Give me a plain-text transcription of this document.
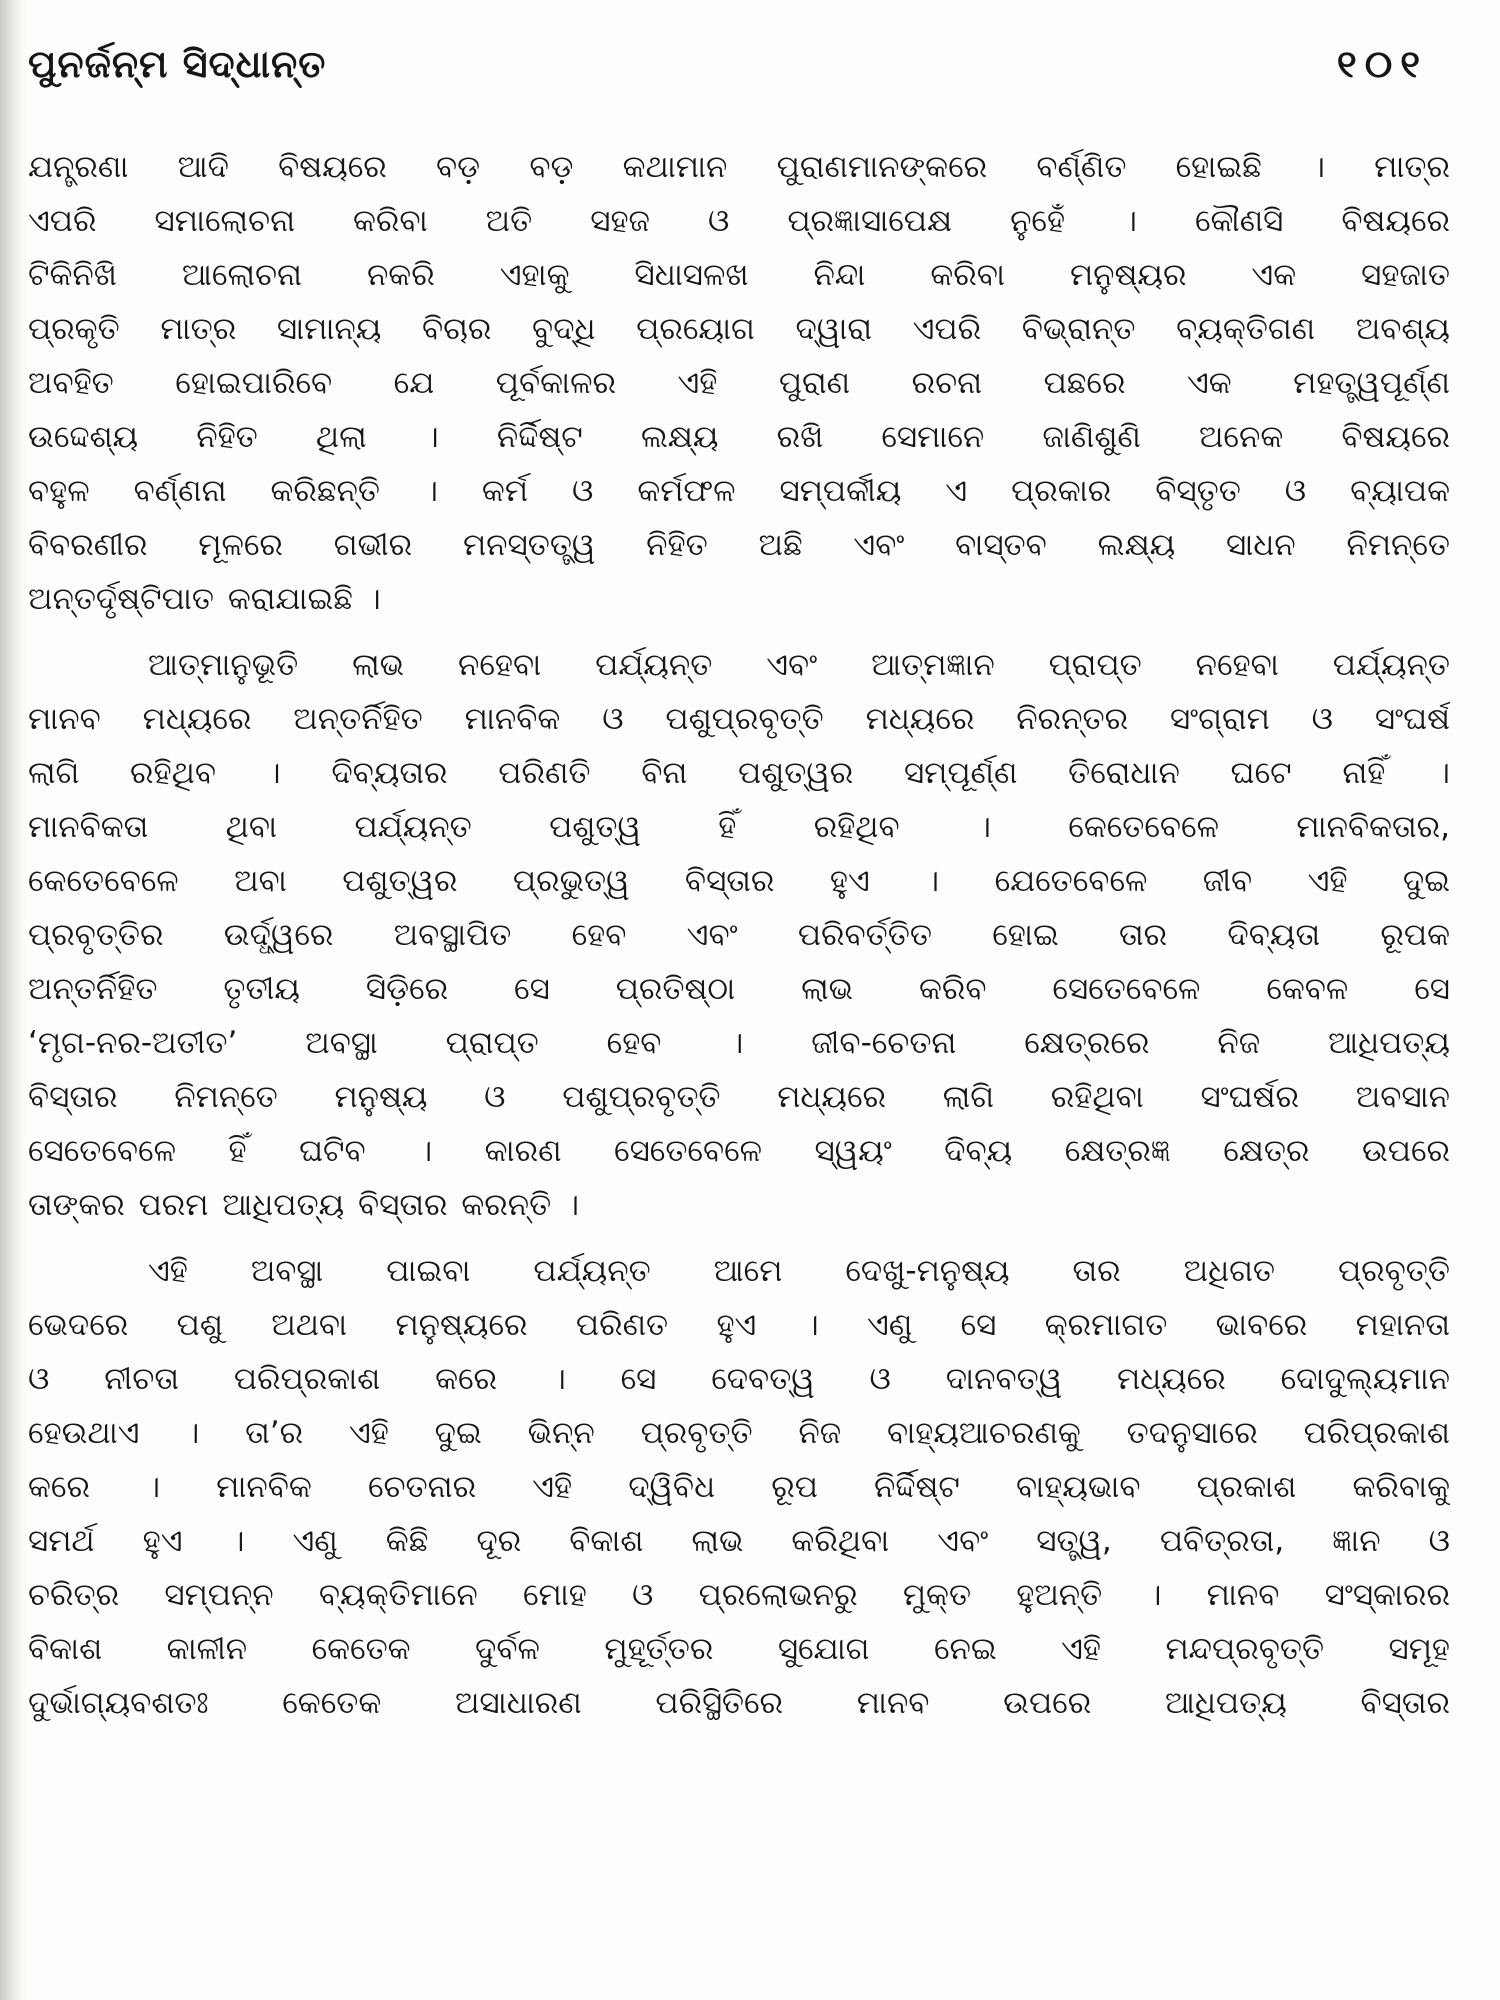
ପୁନର୍ଜନ୍ମ ସିଦ୍ଧାନ୍ତ	୧୦୧
ଯନ୍ତ୍ରଣା ଆଦି ବିଷୟରେ ବଡ଼ ବଡ଼ କଥାମାନ ପୁରାଣମାନଙ୍କରେ ବର୍ଣ୍ଣିତ ହୋଇଛି । ମାତ୍ର
ଏପରି ସମାଲୋଚନା କରିବା ଅତି ସହଜ ଓ ପ୍ରଜ୍ଞାସାପେକ୍ଷ ନୁହେଁ । କୌଣସି ବିଷୟରେ
ଟିକିନିଖି ଆଲୋଚନା ନକରି ଏହାକୁ ସିଧାସଳଖ ନିନ୍ଦା କରିବା ମନୁଷ୍ୟର ଏକ ସହଜାତ
ପ୍ରକୃତି ମାତ୍ର ସାମାନ୍ୟ ବିଚାର ବୁଦ୍ଧି ପ୍ରୟୋଗ ଦ୍ୱାରା ଏପରି ବିଭ୍ରାନ୍ତ ବ୍ୟକ୍ତିଗଣ ଅବଶ୍ୟ
ଅବହିତ ହୋଇପାରିବେ ଯେ ପୂର୍ବକାଳର ଏହି ପୁରାଣ ରଚନା ପଛରେ ଏକ ମହତ୍ତ୍ୱପୂର୍ଣ୍ଣ
ଉଦ୍ଦେଶ୍ୟ ନିହିତ ଥିଲା । ନିର୍ଦ୍ଦିଷ୍ଟ ଲକ୍ଷ୍ୟ ରଖି ସେମାନେ ଜାଣିଶୁଣି ଅନେକ ବିଷୟରେ
ବହୁଳ ବର୍ଣ୍ଣନା କରିଛନ୍ତି । କର୍ମ ଓ କର୍ମଫଳ ସମ୍ପର୍କୀୟ ଏ ପ୍ରକାର ବିସ୍ତୃତ ଓ ବ୍ୟାପକ
ବିବରଣୀର ମୂଳରେ ଗଭୀର ମନସ୍ତତ୍ତ୍ୱ ନିହିତ ଅଛି ଏବଂ ବାସ୍ତବ ଲକ୍ଷ୍ୟ ସାଧନ ନିମନ୍ତେ
ଅନ୍ତର୍ଦୃଷ୍ଟିପାତ କରାଯାଇଛି ।
ଆତ୍ମାନୁଭୂତି ଲାଭ ନହେବା ପର୍ଯ୍ୟନ୍ତ ଏବଂ ଆତ୍ମଜ୍ଞାନ ପ୍ରାପ୍ତ ନହେବା ପର୍ଯ୍ୟନ୍ତ
ମାନବ ମଧ୍ୟରେ ଅନ୍ତର୍ନିହିତ ମାନବିକ ଓ ପଶୁପ୍ରବୃତ୍ତି ମଧ୍ୟରେ ନିରନ୍ତର ସଂଗ୍ରାମ ଓ ସଂଘର୍ଷ
ଲାଗି ରହିଥିବ । ଦିବ୍ୟତାର ପରିଣତି ବିନା ପଶୁତ୍ୱର ସମ୍ପୂର୍ଣ୍ଣ ତିରୋଧାନ ଘଟେ ନାହିଁ ।
ମାନବିକତା ଥିବା ପର୍ଯ୍ୟନ୍ତ ପଶୁତ୍ୱ ହିଁ ରହିଥିବ । କେତେବେଳେ ମାନବିକତାର,
କେତେବେଳେ ଅବା ପଶୁତ୍ୱର ପ୍ରଭୁତ୍ୱ ବିସ୍ତାର ହୁଏ । ଯେତେବେଳେ ଜୀବ ଏହି ଦୁଇ
ପ୍ରବୃତ୍ତିର ଉର୍ଦ୍ଧ୍ୱରେ ଅବସ୍ଥାପିତ ହେବ ଏବଂ ପରିବର୍ତ୍ତିତ ହୋଇ ତାର ଦିବ୍ୟତା ରୂପକ
ଅନ୍ତର୍ନିହିତ ତୃତୀୟ ସିଡ଼ିରେ ସେ ପ୍ରତିଷ୍ଠା ଲାଭ କରିବ ସେତେବେଳେ କେବଳ ସେ
‘ମୃଗ-ନର-ଅତୀତ’ ଅବସ୍ଥା ପ୍ରାପ୍ତ ହେବ । ଜୀବ-ଚେତନା କ୍ଷେତ୍ରରେ ନିଜ ଆଧିପତ୍ୟ
ବିସ୍ତାର ନିମନ୍ତେ ମନୁଷ୍ୟ ଓ ପଶୁପ୍ରବୃତ୍ତି ମଧ୍ୟରେ ଲାଗି ରହିଥିବା ସଂଘର୍ଷର ଅବସାନ
ସେତେବେଳେ ହିଁ ଘଟିବ । କାରଣ ସେତେବେଳେ ସ୍ୱୟଂ ଦିବ୍ୟ କ୍ଷେତ୍ରଜ୍ଞ କ୍ଷେତ୍ର ଉପରେ
ତାଙ୍କର ପରମ ଆଧିପତ୍ୟ ବିସ୍ତାର କରନ୍ତି ।
ଏହି ଅବସ୍ଥା ପାଇବା ପର୍ଯ୍ୟନ୍ତ ଆମେ ଦେଖୁ-ମନୁଷ୍ୟ ତାର ଅଧିଗତ ପ୍ରବୃତ୍ତି
ଭେଦରେ ପଶୁ ଅଥବା ମନୁଷ୍ୟରେ ପରିଣତ ହୁଏ । ଏଣୁ ସେ କ୍ରମାଗତ ଭାବରେ ମହାନତା
ଓ ନୀଚତା ପରିପ୍ରକାଶ କରେ । ସେ ଦେବତ୍ୱ ଓ ଦାନବତ୍ୱ ମଧ୍ୟରେ ଦୋଦୁଲ୍ୟମାନ
ହେଉଥାଏ । ତା’ର ଏହି ଦୁଇ ଭିନ୍ନ ପ୍ରବୃତ୍ତି ନିଜ ବାହ୍ୟଆଚରଣକୁ ତଦନୁସାରେ ପରିପ୍ରକାଶ
କରେ । ମାନବିକ ଚେତନାର ଏହି ଦ୍ୱିବିଧ ରୂପ ନିର୍ଦ୍ଦିଷ୍ଟ ବାହ୍ୟଭାବ ପ୍ରକାଶ କରିବାକୁ
ସମର୍ଥ ହୁଏ । ଏଣୁ କିଛି ଦୂର ବିକାଶ ଲାଭ କରିଥିବା ଏବଂ ସତ୍ତ୍ୱ, ପବିତ୍ରତା, ଜ୍ଞାନ ଓ
ଚରିତ୍ର ସମ୍ପନ୍ନ ବ୍ୟକ୍ତିମାନେ ମୋହ ଓ ପ୍ରଲୋଭନରୁ ମୁକ୍ତ ହୁଅନ୍ତି । ମାନବ ସଂସ୍କାରର
ବିକାଶ କାଳୀନ କେତେକ ଦୁର୍ବଳ ମୁହୂର୍ତ୍ତର ସୁଯୋଗ ନେଇ ଏହି ମନ୍ଦପ୍ରବୃତ୍ତି ସମୂହ
ଦୁର୍ଭାଗ୍ୟବଶତଃ କେତେକ ଅସାଧାରଣ ପରିସ୍ଥିତିରେ ମାନବ ଉପରେ ଆଧିପତ୍ୟ ବିସ୍ତାର
